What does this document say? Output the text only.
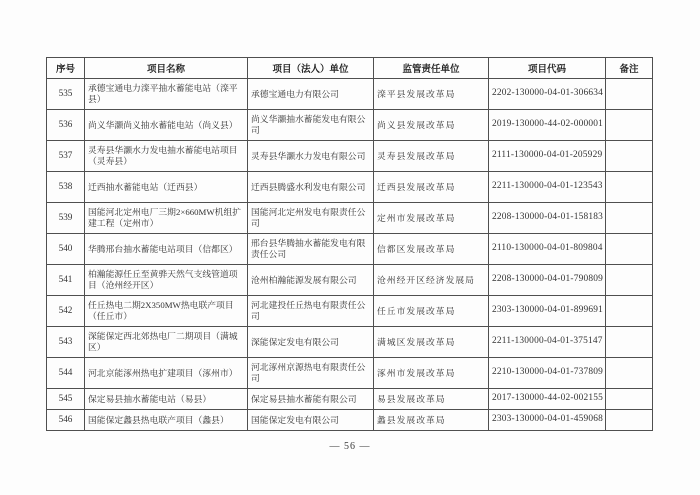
序号	项目名称	项目（法人）单位	监管责任单位	项目代码	备注
535	承德宝通电力滦平抽水蓄能电站（滦平县）	承德宝通电力有限公司	滦平县发展改革局	2202-130000-04-01-306634	
536	尚义华灏尚义抽水蓄能电站（尚义县）	尚义华灏抽水蓄能发电有限公司	尚义县发展改革局	2019-130000-44-02-000001	
537	灵寿县华灏水力发电抽水蓄能电站项目（灵寿县）	灵寿县华灏水力发电有限公司	灵寿县发展改革局	2111-130000-04-01-205929	
538	迁西抽水蓄能电站（迁西县）	迁西县腾盛水利发电有限公司	迁西县发展改革局	2211-130000-04-01-123543	
539	国能河北定州电厂三期2×660MW机组扩建工程（定州市）	国能河北定州发电有限责任公司	定州市发展改革局	2208-130000-04-01-158183	
540	华腾邢台抽水蓄能电站项目（信都区）	邢台县华腾抽水蓄能发电有限责任公司	信都区发展改革局	2110-130000-04-01-809804	
541	柏瀚能源任丘至黄骅天然气支线管道项目（沧州经开区）	沧州柏瀚能源发展有限公司	沧州经开区经济发展局	2208-130000-04-01-790809	
542	任丘热电二期2X350MW热电联产项目（任丘市）	河北建投任丘热电有限责任公司	任丘市发展改革局	2303-130000-04-01-899691	
543	深能保定西北郊热电厂二期项目（满城区）	深能保定发电有限公司	满城区发展改革局	2211-130000-04-01-375147	
544	河北京能涿州热电扩建项目（涿州市）	河北涿州京源热电有限责任公司	涿州市发展改革局	2210-130000-04-01-737809	
545	保定易县抽水蓄能电站（易县）	保定易县抽水蓄能有限公司	易县发展改革局	2017-130000-44-02-002155	
546	国能保定蠡县热电联产项目（蠡县）	国能保定发电有限公司	蠡县发展改革局	2303-130000-04-01-459068	
— 56 —
